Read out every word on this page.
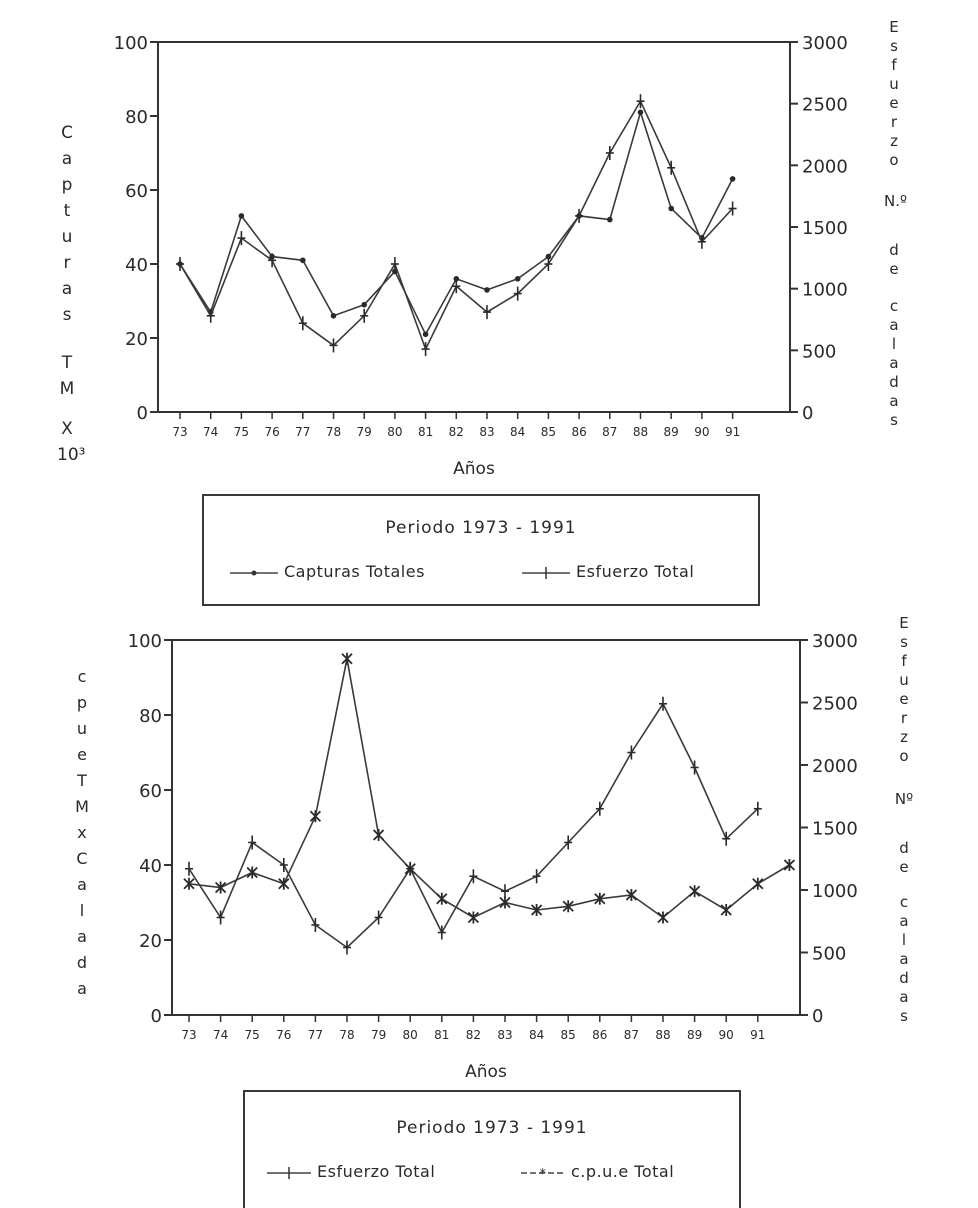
0
20
40
60
80
100
0
500
1000
1500
2000
2500
3000
73 74 75 76 77 78 79 80 81 82 83 84 85 86 87 88 89 90 91
Años
C
a
p
t
u
r
a
s
T
M
X
10³
E
s
f
u
e
r
z
o
N.º
d
e
c
a
l
a
d
a
s
Periodo 1973 - 1991
Capturas Totales	Esfuerzo Total
0
20
40
60
80
100
0
500
1000
1500
2000
2500
3000
73 74 75 76 77 78 79 80 81 82 83 84 85 86 87 88 89 90 91
Años
c
p
u
e
T
M
x
C
a
l
a
d
a
E
s
f
u
e
r
z
o
Nº
d
e
c
a
l
a
d
a
s
Periodo 1973 - 1991
Esfuerzo Total	* c.p.u.e Total
